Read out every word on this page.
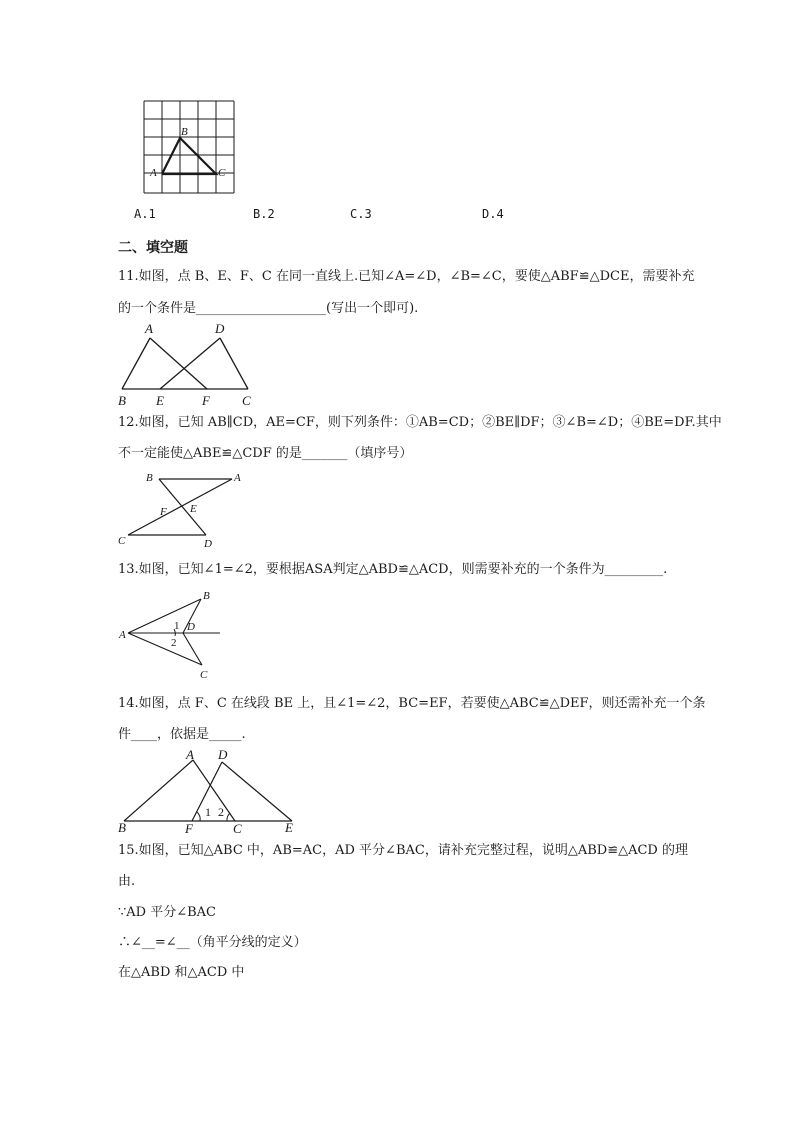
A
B
C
A.1	B.2	C.3	D.4
二、填空题
11.如图，点 B、E、F、C 在同一直线上.已知∠A=∠D，∠B=∠C，要使△ABF≌△DCE，需要补充
的一个条件是____________________(写出一个即可).
A	D
B E	F C
12.如图，已知 AB∥CD，AE=CF，则下列条件：①AB=CD；②BE∥DF；③∠B=∠D；④BE=DF.其中
不一定能使△ABE≌△CDF 的是_______（填序号）
B	A
F E
C	D
13.如图，已知∠1=∠2，要根据ASA判定△ABD≌△ACD，则需要补充的一个条件为_________.
A
B
C
D
1
2
14.如图，点 F、C 在线段 BE 上，且∠1=∠2，BC=EF，若要使△ABC≌△DEF，则还需补充一个条
件____，依据是_____.
A D
B	F	C	E
1 2
15.如图，已知△ABC 中，AB=AC，AD 平分∠BAC，请补充完整过程，说明△ABD≌△ACD 的理
由.
∵AD 平分∠BAC
∴∠__=∠__（角平分线的定义）
在△ABD 和△ACD 中
